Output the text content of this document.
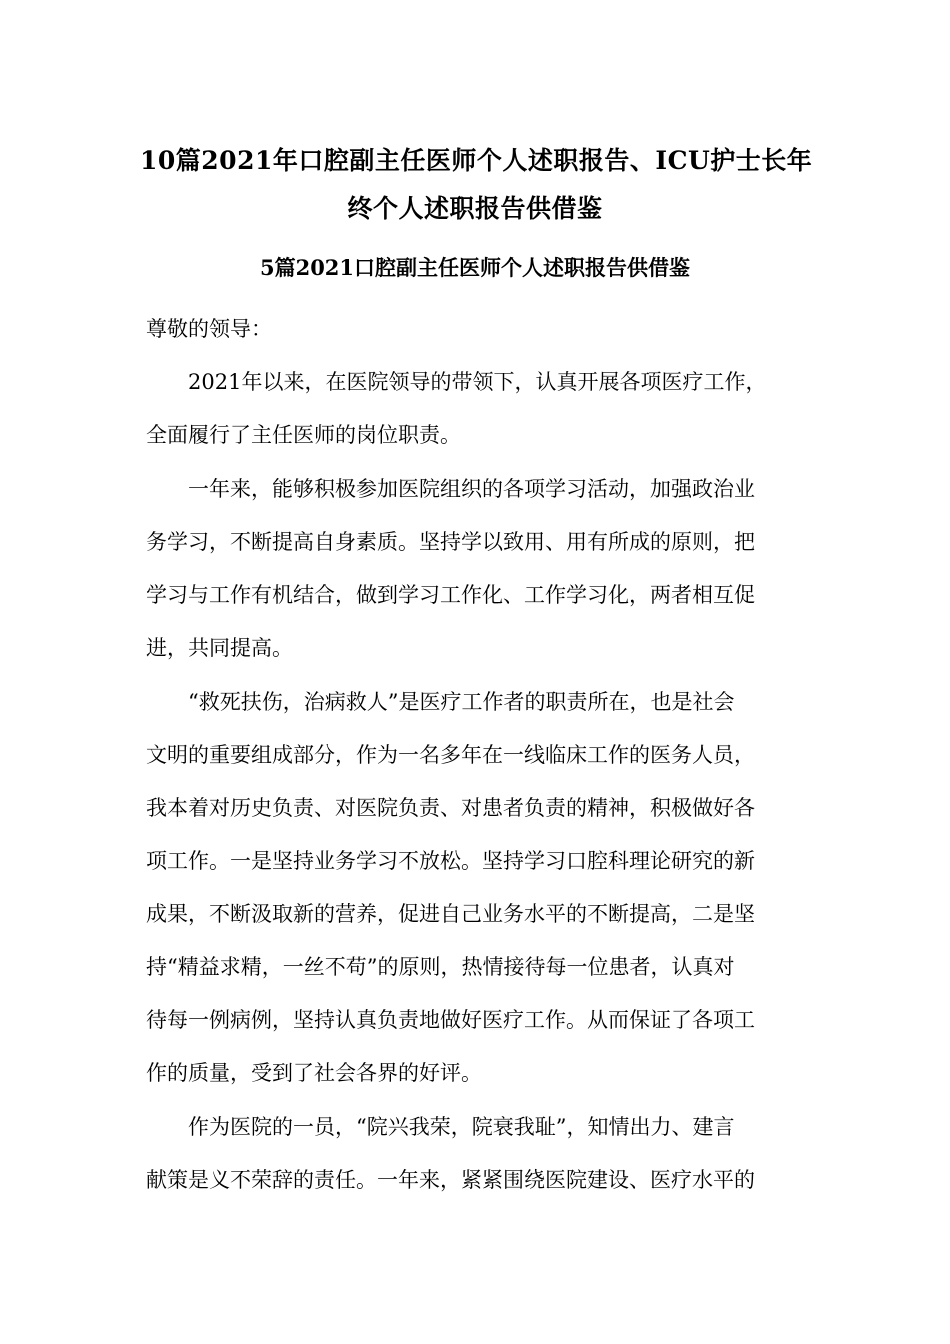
10篇2021年口腔副主任医师个人述职报告、ICU护士长年
终个人述职报告供借鉴
5篇2021口腔副主任医师个人述职报告供借鉴

尊敬的领导：

2021年以来，在医院领导的带领下，认真开展各项医疗工作，

全面履行了主任医师的岗位职责。

一年来，能够积极参加医院组织的各项学习活动，加强政治业

务学习，不断提高自身素质。坚持学以致用、用有所成的原则，把

学习与工作有机结合，做到学习工作化、工作学习化，两者相互促

进，共同提高。

“救死扶伤，治病救人”是医疗工作者的职责所在，也是社会

文明的重要组成部分，作为一名多年在一线临床工作的医务人员，

我本着对历史负责、对医院负责、对患者负责的精神，积极做好各

项工作。一是坚持业务学习不放松。坚持学习口腔科理论研究的新

成果，不断汲取新的营养，促进自己业务水平的不断提高，二是坚

持“精益求精，一丝不苟”的原则，热情接待每一位患者，认真对

待每一例病例，坚持认真负责地做好医疗工作。从而保证了各项工

作的质量，受到了社会各界的好评。

作为医院的一员，“院兴我荣，院衰我耻”，知情出力、建言

献策是义不荣辞的责任。一年来，紧紧围绕医院建设、医疗水平的
